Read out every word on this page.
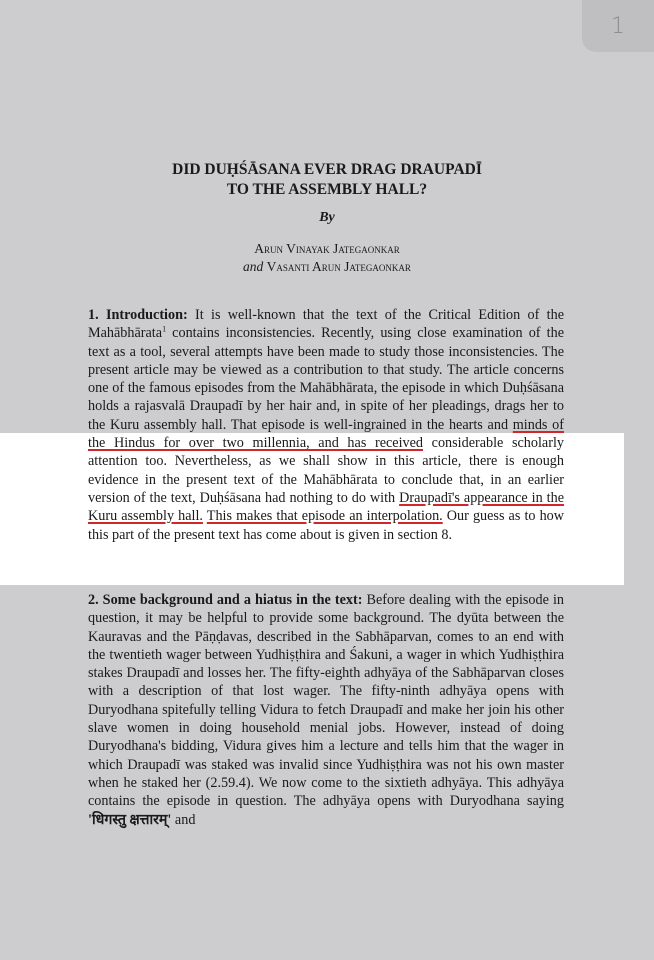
1
DID DUḤŚĀSANA EVER DRAG DRAUPADĪ
TO THE ASSEMBLY HALL?
By
Arun Vinayak Jategaonkar
and Vasanti Arun Jategaonkar
1. Introduction: It is well-known that the text of the Critical Edition of the Mahābhārata$^1$ contains inconsistencies. Recently, using close examination of the text as a tool, several attempts have been made to study those inconsistencies. The present article may be viewed as a contribution to that study. The article concerns one of the famous episodes from the Mahābhārata, the episode in which Duḥśāsana holds a rajasvalā Draupadī by her hair and, in spite of her pleadings, drags her to the Kuru assembly hall. That episode is well-ingrained in the hearts and minds of the Hindus for over two millennia, and has received considerable scholarly attention too. Nevertheless, as we shall show in this article, there is enough evidence in the present text of the Mahābhārata to conclude that, in an earlier version of the text, Duḥśāsana had nothing to do with Draupadī's appearance in the Kuru assembly hall. This makes that episode an interpolation. Our guess as to how this part of the present text has come about is given in section 8.
2. Some background and a hiatus in the text: Before dealing with the episode in question, it may be helpful to provide some background. The dyūta between the Kauravas and the Pāṇḍavas, described in the Sabhāparvan, comes to an end with the twentieth wager between Yudhiṣṭhira and Śakuni, a wager in which Yudhiṣṭhira stakes Draupadī and losses her. The fifty-eighth adhyāya of the Sabhāparvan closes with a description of that lost wager. The fifty-ninth adhyāya opens with Duryodhana spitefully telling Vidura to fetch Draupadī and make her join his other slave women in doing household menial jobs. However, instead of doing Duryodhana's bidding, Vidura gives him a lecture and tells him that the wager in which Draupadī was staked was invalid since Yudhiṣṭhira was not his own master when he staked her (2.59.4). We now come to the sixtieth adhyāya. This adhyāya contains the episode in question. The adhyāya opens with Duryodhana saying 'धिगस्तु क्षत्तारम्' and
